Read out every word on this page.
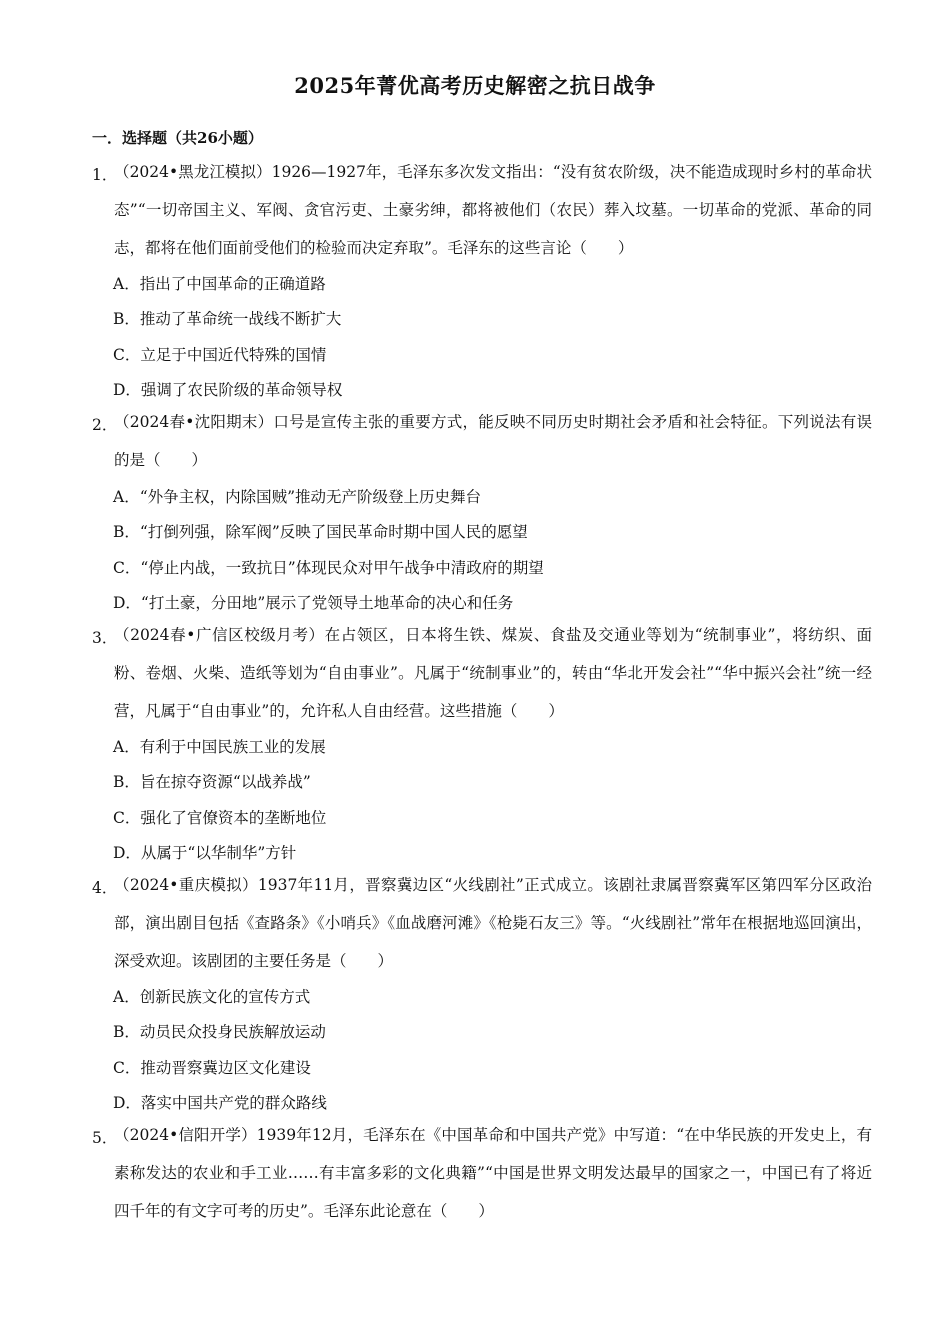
2025年菁优高考历史解密之抗日战争
一．选择题（共26小题）
1．
（2024•黑龙江模拟）1926—1927年，毛泽东多次发文指出：“没有贫农阶级，决不能造成现时乡村的革命状态”“一切帝国主义、军阀、贪官污吏、土豪劣绅，都将被他们（农民）葬入坟墓。一切革命的党派、革命的同志，都将在他们面前受他们的检验而决定弃取”。毛泽东的这些言论（　　）
A．指出了中国革命的正确道路
B．推动了革命统一战线不断扩大
C．立足于中国近代特殊的国情
D．强调了农民阶级的革命领导权
2．
（2024春•沈阳期末）口号是宣传主张的重要方式，能反映不同历史时期社会矛盾和社会特征。下列说法有误的是（　　）
A．“外争主权，内除国贼”推动无产阶级登上历史舞台
B．“打倒列强，除军阀”反映了国民革命时期中国人民的愿望
C．“停止内战，一致抗日”体现民众对甲午战争中清政府的期望
D．“打土豪，分田地”展示了党领导土地革命的决心和任务
3．
（2024春•广信区校级月考）在占领区，日本将生铁、煤炭、食盐及交通业等划为“统制事业”，将纺织、面粉、卷烟、火柴、造纸等划为“自由事业”。凡属于“统制事业”的，转由“华北开发会社”“华中振兴会社”统一经营，凡属于“自由事业”的，允许私人自由经营。这些措施（　　）
A．有利于中国民族工业的发展
B．旨在掠夺资源“以战养战”
C．强化了官僚资本的垄断地位
D．从属于“以华制华”方针
4．
（2024•重庆模拟）1937年11月，晋察冀边区“火线剧社”正式成立。该剧社隶属晋察冀军区第四军分区政治部，演出剧目包括《查路条》《小哨兵》《血战磨河滩》《枪毙石友三》等。“火线剧社”常年在根据地巡回演出，深受欢迎。该剧团的主要任务是（　　）
A．创新民族文化的宣传方式
B．动员民众投身民族解放运动
C．推动晋察冀边区文化建设
D．落实中国共产党的群众路线
5．
（2024•信阳开学）1939年12月，毛泽东在《中国革命和中国共产党》中写道：“在中华民族的开发史上，有素称发达的农业和手工业……有丰富多彩的文化典籍”“中国是世界文明发达最早的国家之一，中国已有了将近四千年的有文字可考的历史”。毛泽东此论意在（　　）
